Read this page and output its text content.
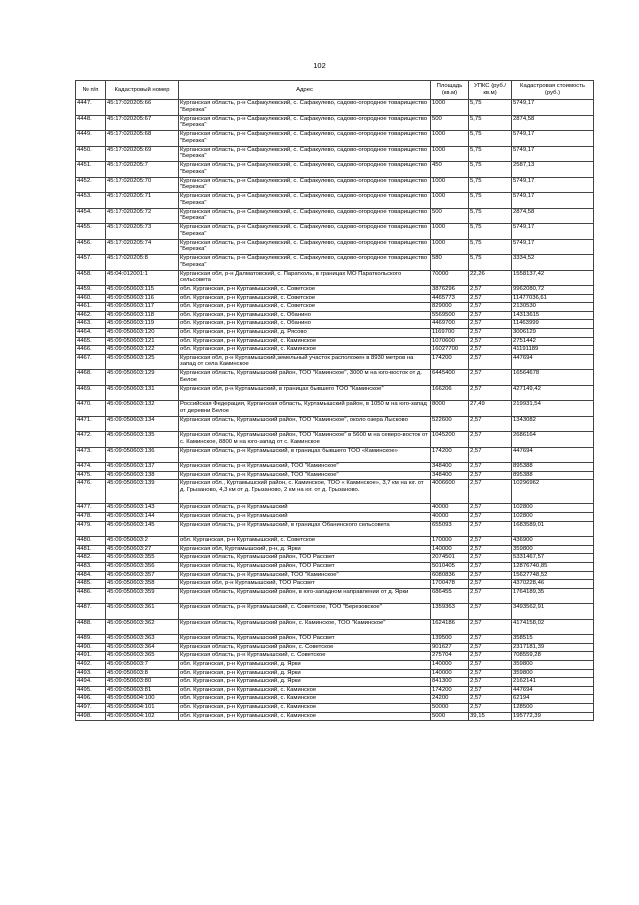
102
№ п/п	Кадастровый номер	Адрес	Площадь (кв.м)	УПКС (руб./кв.м)	Кадастровая стоимость (руб.)
4447.	45:17:020205:66	Курганская область, р-н Сафакулевский, с. Сафакулево, садово-огородное товарищество "Березка"	1000	5,75	5749,17
4448.	45:17:020205:67	Курганская область, р-н Сафакулевский, с. Сафакулево, садово-огородное товарищество "Березка"	500	5,75	2874,58
4449.	45:17:020205:68	Курганская область, р-н Сафакулевский, с. Сафакулево, садово-огородное товарищество "Березка"	1000	5,75	5749,17
4450.	45:17:020205:69	Курганская область, р-н Сафакулевский, с. Сафакулево, садово-огородное товарищество "Березка"	1000	5,75	5749,17
4451.	45:17:020205:7	Курганская область, р-н Сафакулевский, с. Сафакулево, садово-огородное товарищество "Березка"	450	5,75	2587,13
4452.	45:17:020205:70	Курганская область, р-н Сафакулевский, с. Сафакулево, садово-огородное товарищество "Березка"	1000	5,75	5749,17
4453.	45:17:020205:71	Курганская область, р-н Сафакулевский, с. Сафакулево, садово-огородное товарищество "Березка"	1000	5,75	5749,17
4454.	45:17:020205:72	Курганская область, р-н Сафакулевский, с. Сафакулево, садово-огородное товарищество "Березка"	500	5,75	2874,58
4455.	45:17:020205:73	Курганская область, р-н Сафакулевский, с. Сафакулево, садово-огородное товарищество "Березка"	1000	5,75	5749,17
4456.	45:17:020205:74	Курганская область, р-н Сафакулевский, с. Сафакулево, садово-огородное товарищество "Березка"	1000	5,75	5749,17
4457.	45:17:020205:8	Курганская область, р-н Сафакулевский, с. Сафакулево, садово-огородное товарищество "Березка"	580	5,75	3334,52
4458.	45:04:012001:1	Курганская обл, р-н Далматовский, с. Паратколь, в границах МО Параткольского сельсовета	70000	22,26	1558137,42
4459.	45:09:050603:115	обл. Курганская, р-н Куртамышский, с. Советское	3876296	2,57	9962080,72
4460.	45:09:050603:116	обл. Курганская, р-н Куртамышский, с. Советское	4465773	2,57	11477036,61
4461.	45:09:050603:117	обл. Курганская, р-н Куртамышский, с. Советское	829000	2,57	2130530
4462.	45:09:050603:118	обл. Курганская, р-н Куртамышский, с. Обанино	5569500	2,57	14313615
4463.	45:09:050603:119	обл. Курганская, р-н Куртамышский, с. Обанино	4469700	2,57	11463999
4464.	45:09:050603:120	обл. Курганская, р-н Куртамышский, д. Рясово	1169700	2,57	3006129
4465.	45:09:050603:121	обл. Курганская, р-н Куртамышский, с. Каминское	1070600	2,57	2751442
4466.	45:09:050603:122	обл. Курганская, р-н Куртамышский, с. Каминское	16027700	2,57	41191189
4467.	45:09:050603:125	Курганская обл, р-н Куртамышский,земельный участок расположен в 8930 метров на запад от села Каминское	174200	2,57	447694
4468.	45:09:050603:129	Курганская область, Куртамышский район, ТОО "Каминское", 3000 м на юго-восток от д. Белое	6445400	2,57	16564678
4469.	45:09:050603:131	Курганская обл, р-н Куртамышский, в границах бывшего ТОО "Каминское"	166206	2,57	427149,42
4470.	45:09:050603:132	Российская Федерация, Курганская область, Куртамышский район, в 1050 м на юго-запад от деревни Белое	8000	27,49	219931,54
4471.	45:09:050603:134	Курганская область, Куртамышский район, ТОО "Каминское", около озера Лысково	522600	2,57	1343082
4472.	45:09:050603:135	Курганская область, Куртамышский район, ТОО "Каминское" в 5600 м на северо-восток от с. Каминское, 8800 м на юго-запад от с. Каминское	1045200	2,57	2686164
4473.	45:09:050603:136	Курганская область, р-н Куртамышский, в границах бывшего ТОО «Каминское»	174200	2,57	447694
4474.	45:09:050603:137	Курганская область, р-н Куртамышский, ТОО "Каминское"	348400	2,57	895388
4475.	45:09:050603:138	Курганская область, р-н Куртамышский, ТОО "Каминское"	348400	2,57	895388
4476.	45:09:050603:139	Курганская обл., Куртамышский район, с. Каминское, ТОО « Каминское», 3,7 км на юг. от д. Грызаново, 4,3 км от д. Грызаново, 2 км на юг. от д. Грызаново.	4006600	2,57	10296962
4477.	45:09:050603:143	Курганская область, р-н Куртамышский	40000	2,57	102800
4478.	45:09:050603:144	Курганская область, р-н Куртамышский	40000	2,57	102800
4479.	45:09:050603:145	Курганская область, р-н Куртамышский, в границах Обанинского сельсовета	655093	2,57	1683589,01
4480.	45:09:050603:2	обл. Курганская, р-н Куртамышский, с. Советское	170000	2,57	436900
4481.	45:09:050603:27	Курганская обл, Куртамышский, р-н, д. Ярки	140000	2,57	359800
4482.	45:09:050603:355	Курганская область, Куртамышский район, ТОО Рассвет	2074501	2,57	5331467,57
4483.	45:09:050603:356	Курганская область, Куртамышский район, ТОО Рассвет	5010405	2,57	12876740,85
4484.	45:09:050603:357	Курганская область, р-н Куртамышский, ТОО "Каминское"	6080836	2,57	15627748,52
4485.	45:09:050603:358	Курганская обл, р-н Куртамышский, ТОО Рассвет	1700478	2,57	4370228,46
4486.	45:09:050603:359	Курганская область, Куртамышский район, в юго-западном направлении от д. Ярки	686455	2,57	1764189,35
4487.	45:09:050603:361	Курганская область, р-н Куртамышский, с. Советское, ТОО "Березовское"	1359363	2,57	3493562,91
4488.	45:09:050603:362	Курганская область, Куртамышский район, с. Каминское, ТОО "Каминское"	1624186	2,57	4174158,02
4489.	45:09:050603:363	Курганская область, Куртамышский район, ТОО Рассвет	139500	2,57	358515
4490.	45:09:050603:364	Курганская область, Куртамышский район, с. Советское	901627	2,57	2317181,39
4491.	45:09:050603:365	Курганская область, р-н Куртамышский, с. Советское	275704	2,57	708559,28
4492.	45:09:050603:7	обл. Курганская, р-н Куртамышский, д. Ярки	140000	2,57	359800
4493.	45:09:050603:8	обл. Курганская, р-н Куртамышский, д. Ярки	140000	2,57	359800
4494.	45:09:050603:80	обл. Курганская, р-н Куртамышский, д. Ярки	841300	2,57	2162141
4495.	45:09:050603:81	обл. Курганская, р-н Куртамышский, с. Каминское	174200	2,57	447694
4496.	45:09:050604:100	обл. Курганская, р-н Куртамышский, с. Каминское	24200	2,57	62194
4497.	45:09:050604:101	обл. Курганская, р-н Куртамышский, с. Каминское	50000	2,57	128500
4498.	45:09:050604:102	обл. Курганская, р-н Куртамышский, с. Каминское	5000	39,15	195772,39
